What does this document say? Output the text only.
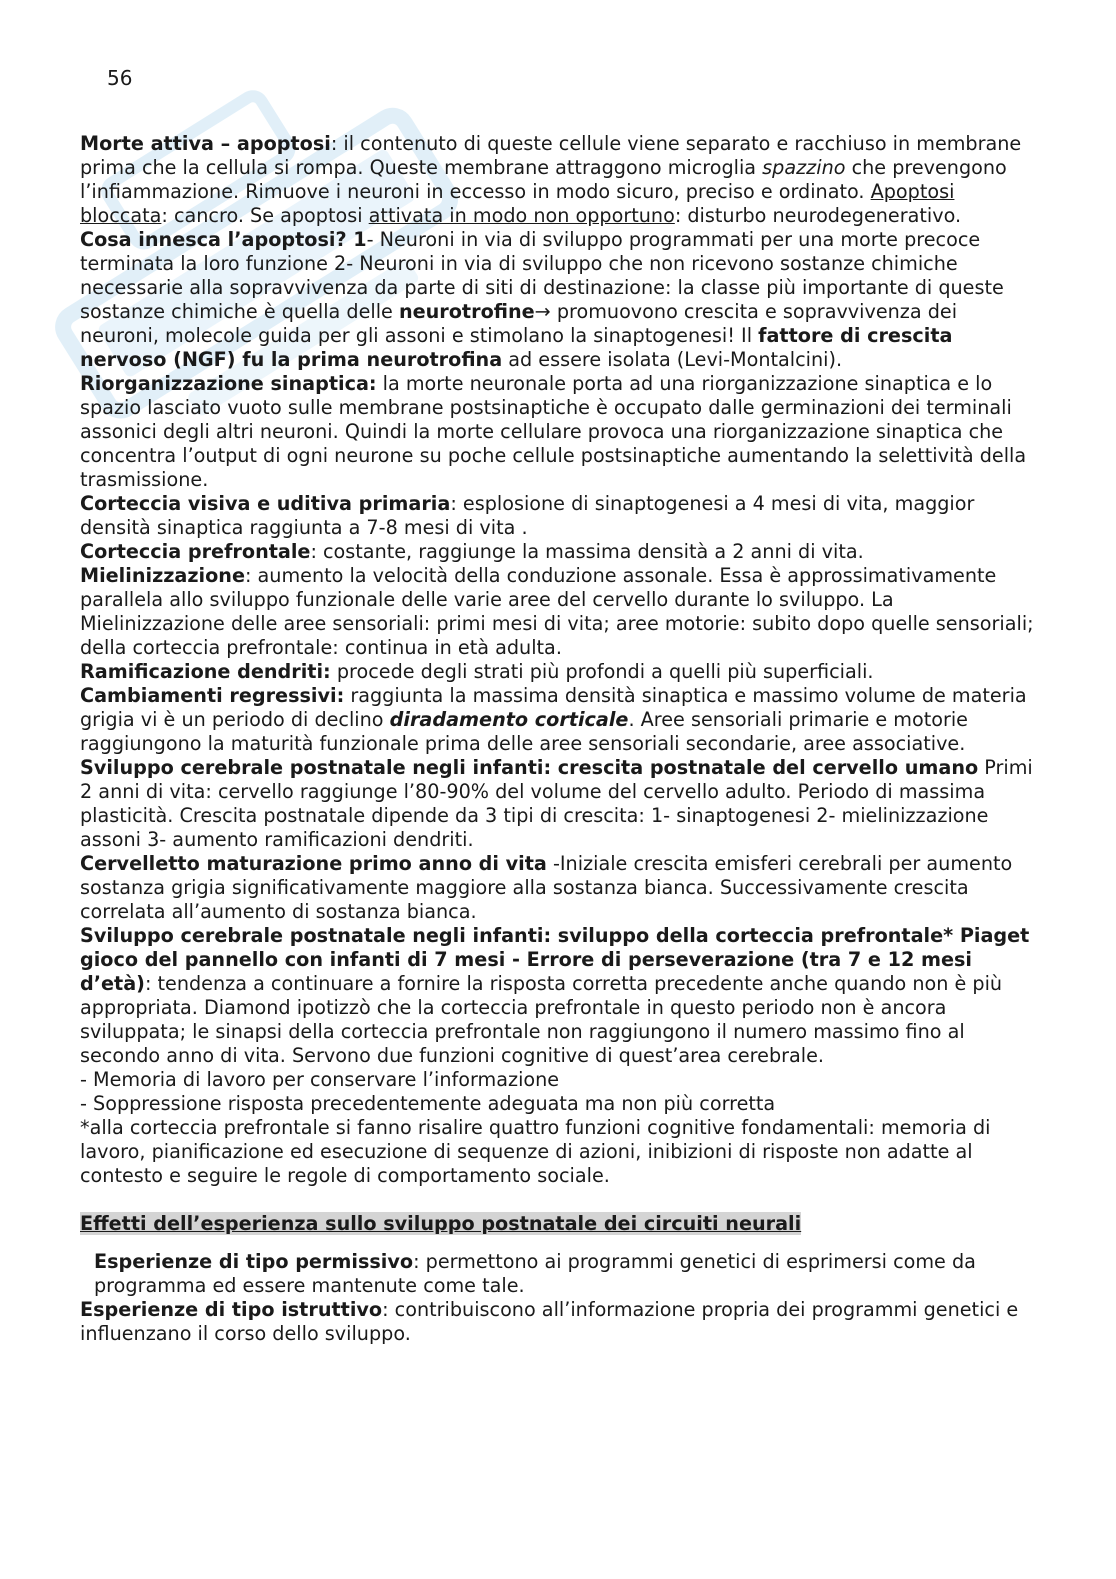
56

Morte attiva – apoptosi: il contenuto di queste cellule viene separato e racchiuso in membrane prima che la cellula si rompa. Queste membrane attraggono microglia spazzino che prevengono l’infiammazione. Rimuove i neuroni in eccesso in modo sicuro, preciso e ordinato. Apoptosi bloccata: cancro. Se apoptosi attivata in modo non opportuno: disturbo neurodegenerativo.

Cosa innesca l’apoptosi? 1- Neuroni in via di sviluppo programmati per una morte precoce terminata la loro funzione 2- Neuroni in via di sviluppo che non ricevono sostanze chimiche necessarie alla sopravvivenza da parte di siti di destinazione: la classe più importante di queste sostanze chimiche è quella delle neurotrofine→ promuovono crescita e sopravvivenza dei neuroni, molecole guida per gli assoni e stimolano la sinaptogenesi! Il fattore di crescita nervoso (NGF) fu la prima neurotrofina ad essere isolata (Levi-Montalcini).

Riorganizzazione sinaptica: la morte neuronale porta ad una riorganizzazione sinaptica e lo spazio lasciato vuoto sulle membrane postsinaptiche è occupato dalle germinazioni dei terminali assonici degli altri neuroni. Quindi la morte cellulare provoca una riorganizzazione sinaptica che concentra l’output di ogni neurone su poche cellule postsinaptiche aumentando la selettività della trasmissione.

Corteccia visiva e uditiva primaria: esplosione di sinaptogenesi a 4 mesi di vita, maggior densità sinaptica raggiunta a 7-8 mesi di vita .

Corteccia prefrontale: costante, raggiunge la massima densità a 2 anni di vita.

Mielinizzazione: aumento la velocità della conduzione assonale. Essa è approssimativamente parallela allo sviluppo funzionale delle varie aree del cervello durante lo sviluppo. La Mielinizzazione delle aree sensoriali: primi mesi di vita; aree motorie: subito dopo quelle sensoriali; della corteccia prefrontale: continua in età adulta.

Ramificazione dendriti: procede degli strati più profondi a quelli più superficiali.

Cambiamenti regressivi: raggiunta la massima densità sinaptica e massimo volume de materia grigia vi è un periodo di declino diradamento corticale. Aree sensoriali primarie e motorie raggiungono la maturità funzionale prima delle aree sensoriali secondarie, aree associative.

Sviluppo cerebrale postnatale negli infanti: crescita postnatale del cervello umano Primi 2 anni di vita: cervello raggiunge l’80-90% del volume del cervello adulto. Periodo di massima plasticità. Crescita postnatale dipende da 3 tipi di crescita: 1- sinaptogenesi 2- mielinizzazione assoni 3- aumento ramificazioni dendriti.

Cervelletto maturazione primo anno di vita -Iniziale crescita emisferi cerebrali per aumento sostanza grigia significativamente maggiore alla sostanza bianca. Successivamente crescita correlata all’aumento di sostanza bianca.

Sviluppo cerebrale postnatale negli infanti: sviluppo della corteccia prefrontale* Piaget gioco del pannello con infanti di 7 mesi - Errore di perseverazione (tra 7 e 12 mesi d’età): tendenza a continuare a fornire la risposta corretta precedente anche quando non è più appropriata. Diamond ipotizzò che la corteccia prefrontale in questo periodo non è ancora sviluppata; le sinapsi della corteccia prefrontale non raggiungono il numero massimo fino al secondo anno di vita. Servono due funzioni cognitive di quest’area cerebrale.

- Memoria di lavoro per conservare l’informazione

- Soppressione risposta precedentemente adeguata ma non più corretta

*alla corteccia prefrontale si fanno risalire quattro funzioni cognitive fondamentali: memoria di lavoro, pianificazione ed esecuzione di sequenze di azioni, inibizioni di risposte non adatte al contesto e seguire le regole di comportamento sociale.

Effetti dell’esperienza sullo sviluppo postnatale dei circuiti neurali

Esperienze di tipo permissivo: permettono ai programmi genetici di esprimersi come da programma ed essere mantenute come tale.

Esperienze di tipo istruttivo: contribuiscono all’informazione propria dei programmi genetici e influenzano il corso dello sviluppo.
